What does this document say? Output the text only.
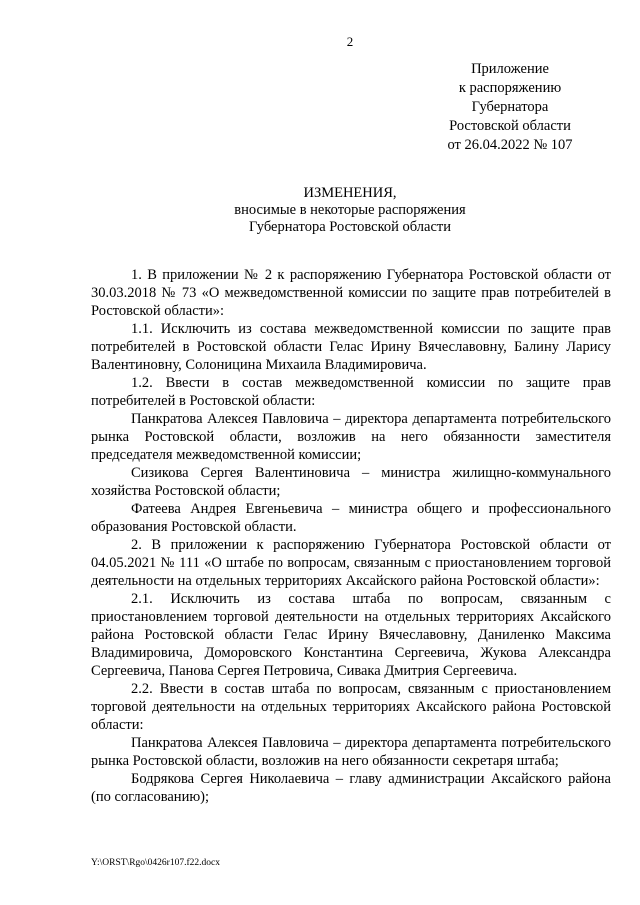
2
Приложение
к распоряжению
Губернатора
Ростовской области
от 26.04.2022 № 107
ИЗМЕНЕНИЯ,
вносимые в некоторые распоряжения
Губернатора Ростовской области

1. В приложении № 2 к распоряжению Губернатора Ростовской области от 30.03.2018 № 73 «О межведомственной комиссии по защите прав потребителей в Ростовской области»:

1.1. Исключить из состава межведомственной комиссии по защите прав потребителей в Ростовской области Гелас Ирину Вячеславовну, Балину Ларису Валентиновну, Солоницина Михаила Владимировича.

1.2. Ввести в состав межведомственной комиссии по защите прав потребителей в Ростовской области:

Панкратова Алексея Павловича – директора департамента потребительского рынка Ростовской области, возложив на него обязанности заместителя председателя межведомственной комиссии;

Сизикова Сергея Валентиновича – министра жилищно-коммунального хозяйства Ростовской области;

Фатеева Андрея Евгеньевича – министра общего и профессионального образования Ростовской области.

2. В приложении к распоряжению Губернатора Ростовской области от 04.05.2021 № 111 «О штабе по вопросам, связанным с приостановлением торговой деятельности на отдельных территориях Аксайского района Ростовской области»:

2.1. Исключить из состава штаба по вопросам, связанным с приостановлением торговой деятельности на отдельных территориях Аксайского района Ростовской области Гелас Ирину Вячеславовну, Даниленко Максима Владимировича, Доморовского Константина Сергеевича, Жукова Александра Сергеевича, Панова Сергея Петровича, Сивака Дмитрия Сергеевича.

2.2. Ввести в состав штаба по вопросам, связанным с приостановлением торговой деятельности на отдельных территориях Аксайского района Ростовской области:

Панкратова Алексея Павловича – директора департамента потребительского рынка Ростовской области, возложив на него обязанности секретаря штаба;

Бодрякова Сергея Николаевича – главу администрации Аксайского района (по согласованию);

Y:\ORST\Rgo\0426r107.f22.docx
